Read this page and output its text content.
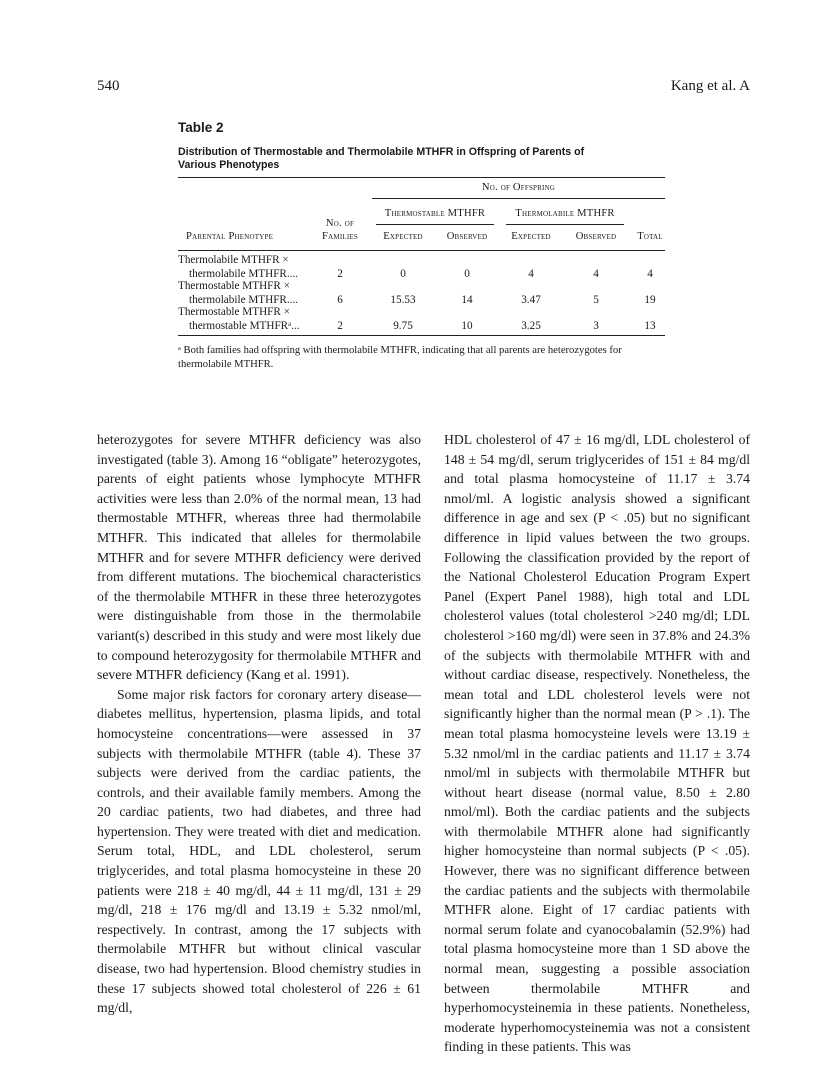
540	Kang et al. A
Table 2
Distribution of Thermostable and Thermolabile MTHFR in Offspring of Parents of Various Phenotypes
No. of Offspring
Thermostable MTHFR	Thermolabile MTHFR
No. of
Families
Parental Phenotype	Expected	Observed	Expected	Observed	Total
Thermolabile MTHFR ×
thermolabile MTHFR....	2	0	0	4	4	4
Thermostable MTHFR ×
thermolabile MTHFR....	6	15.53	14	3.47	5	19
Thermostable MTHFR ×
thermostable MTHFRᵃ...	2	9.75	10	3.25	3	13
ᵃ Both families had offspring with thermolabile MTHFR, indicating that all parents are heterozygotes for thermolabile MTHFR.

heterozygotes for severe MTHFR deficiency was also investigated (table 3). Among 16 “obligate” heterozygotes, parents of eight patients whose lymphocyte MTHFR activities were less than 2.0% of the normal mean, 13 had thermostable MTHFR, whereas three had thermolabile MTHFR. This indicated that alleles for thermolabile MTHFR and for severe MTHFR deficiency were derived from different mutations. The biochemical characteristics of the thermolabile MTHFR in these three heterozygotes were distinguishable from those in the thermolabile variant(s) described in this study and were most likely due to compound heterozygosity for thermolabile MTHFR and severe MTHFR deficiency (Kang et al. 1991).

Some major risk factors for coronary artery disease—diabetes mellitus, hypertension, plasma lipids, and total homocysteine concentrations—were assessed in 37 subjects with thermolabile MTHFR (table 4). These 37 subjects were derived from the cardiac patients, the controls, and their available family members. Among the 20 cardiac patients, two had diabetes, and three had hypertension. They were treated with diet and medication. Serum total, HDL, and LDL cholesterol, serum triglycerides, and total plasma homocysteine in these 20 patients were 218 ± 40 mg/dl, 44 ± 11 mg/dl, 131 ± 29 mg/dl, 218 ± 176 mg/dl and 13.19 ± 5.32 nmol/ml, respectively. In contrast, among the 17 subjects with thermolabile MTHFR but without clinical vascular disease, two had hypertension. Blood chemistry studies in these 17 subjects showed total cholesterol of 226 ± 61 mg/dl,

HDL cholesterol of 47 ± 16 mg/dl, LDL cholesterol of 148 ± 54 mg/dl, serum triglycerides of 151 ± 84 mg/dl and total plasma homocysteine of 11.17 ± 3.74 nmol/ml. A logistic analysis showed a significant difference in age and sex (P < .05) but no significant difference in lipid values between the two groups. Following the classification provided by the report of the National Cholesterol Education Program Expert Panel (Expert Panel 1988), high total and LDL cholesterol values (total cholesterol >240 mg/dl; LDL cholesterol >160 mg/dl) were seen in 37.8% and 24.3% of the subjects with thermolabile MTHFR with and without cardiac disease, respectively. Nonetheless, the mean total and LDL cholesterol levels were not significantly higher than the normal mean (P > .1). The mean total plasma homocysteine levels were 13.19 ± 5.32 nmol/ml in the cardiac patients and 11.17 ± 3.74 nmol/ml in subjects with thermolabile MTHFR but without heart disease (normal value, 8.50 ± 2.80 nmol/ml). Both the cardiac patients and the subjects with thermolabile MTHFR alone had significantly higher homocysteine than normal subjects (P < .05). However, there was no significant difference between the cardiac patients and the subjects with thermolabile MTHFR alone. Eight of 17 cardiac patients with normal serum folate and cyanocobalamin (52.9%) had total plasma homocysteine more than 1 SD above the normal mean, suggesting a possible association between thermolabile MTHFR and hyperhomocysteinemia in these patients. Nonetheless, moderate hyperhomocysteinemia was not a consistent finding in these patients. This was
